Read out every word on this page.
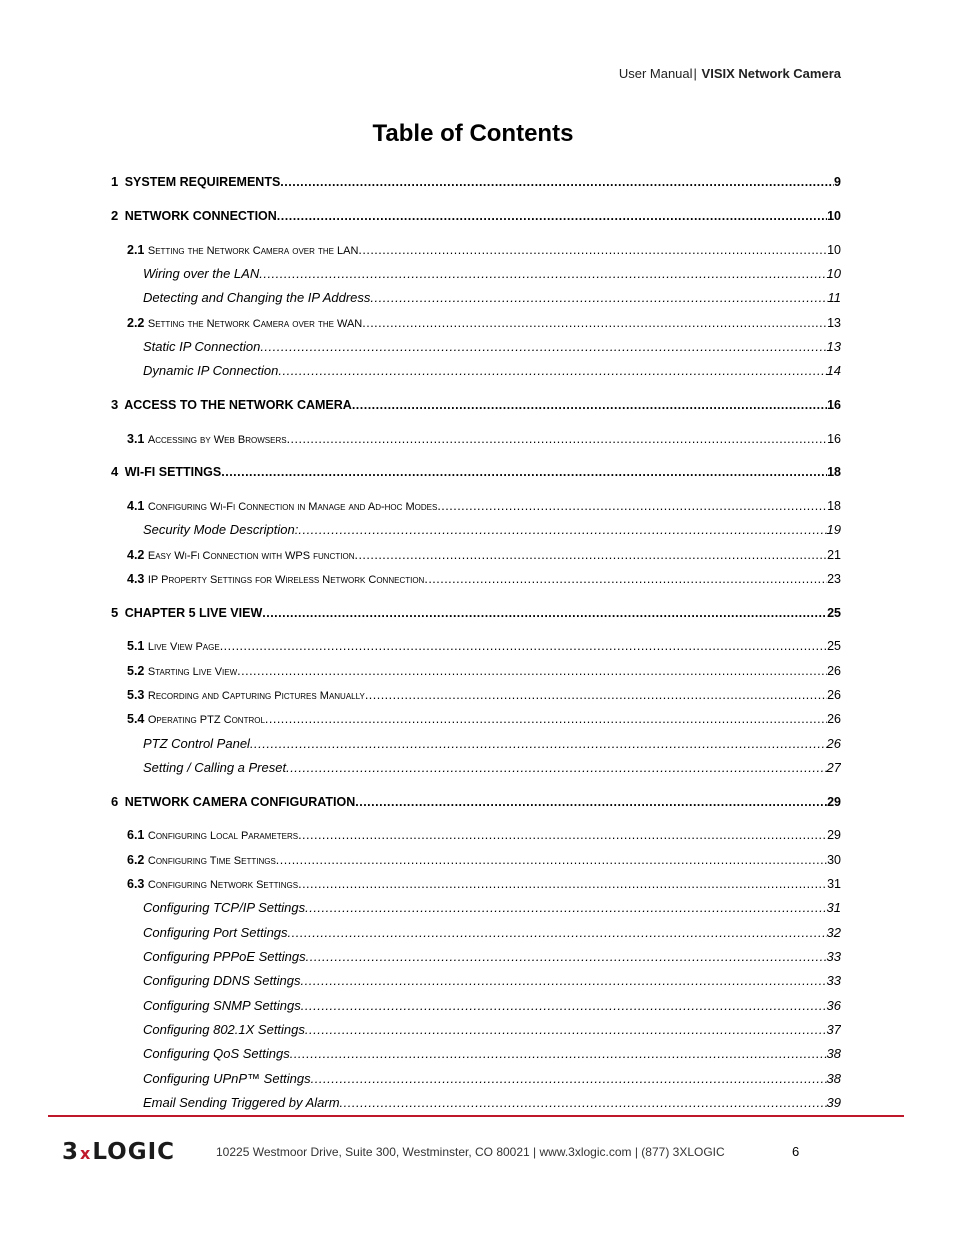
User Manual| VISIX Network Camera
Table of Contents
1 SYSTEM REQUIREMENTS .....	9
2 NETWORK CONNECTION .....	10
2.1 Setting the Network Camera over the LAN .....	10
Wiring over the LAN .....	10
Detecting and Changing the IP Address .....	11
2.2 Setting the Network Camera over the WAN .....	13
Static IP Connection .....	13
Dynamic IP Connection .....	14
3 ACCESS TO THE NETWORK CAMERA .....	16
3.1 Accessing by Web Browsers .....	16
4 WI-FI SETTINGS .....	18
4.1 Configuring Wi-Fi Connection in Manage and Ad-hoc Modes .....	18
Security Mode Description: .....	19
4.2 Easy Wi-Fi Connection with WPS function .....	21
4.3 IP Property Settings for Wireless Network Connection .....	23
5 CHAPTER 5 LIVE VIEW .....	25
5.1 Live View Page .....	25
5.2 Starting Live View .....	26
5.3 Recording and Capturing Pictures Manually .....	26
5.4 Operating PTZ Control .....	26
PTZ Control Panel .....	26
Setting / Calling a Preset .....	27
6 NETWORK CAMERA CONFIGURATION .....	29
6.1 Configuring Local Parameters .....	29
6.2 Configuring Time Settings .....	30
6.3 Configuring Network Settings .....	31
Configuring TCP/IP Settings .....	31
Configuring Port Settings .....	32
Configuring PPPoE Settings .....	33
Configuring DDNS Settings .....	33
Configuring SNMP Settings .....	36
Configuring 802.1X Settings .....	37
Configuring QoS Settings .....	38
Configuring UPnP™ Settings .....	38
Email Sending Triggered by Alarm .....	39
3xLOGIC	10225 Westmoor Drive, Suite 300, Westminster, CO 80021 | www.3xlogic.com | (877) 3XLOGIC	6
